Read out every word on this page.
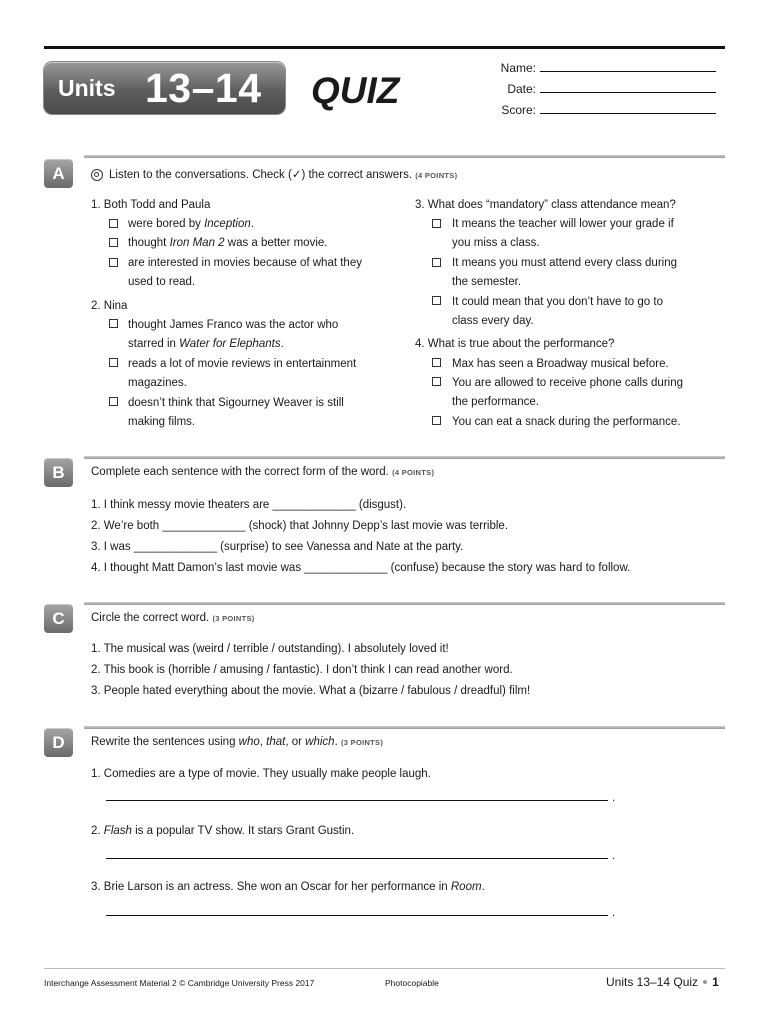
Units 13–14 QUIZ
Name:
Date:
Score:
A	Listen to the conversations. Check (✓) the correct answers. (4 POINTS)
1. Both Todd and Paula
were bored by Inception.
thought Iron Man 2 was a better movie.
are interested in movies because of what they
used to read.
2. Nina
thought James Franco was the actor who
starred in Water for Elephants.
reads a lot of movie reviews in entertainment
magazines.
doesn’t think that Sigourney Weaver is still
making films.
3. What does “mandatory” class attendance mean?
It means the teacher will lower your grade if
you miss a class.
It means you must attend every class during
the semester.
It could mean that you don’t have to go to
class every day.
4. What is true about the performance?
Max has seen a Broadway musical before.
You are allowed to receive phone calls during
the performance.
You can eat a snack during the performance.
B	Complete each sentence with the correct form of the word. (4 POINTS)
1. I think messy movie theaters are _____________ (disgust).
2. We’re both _____________ (shock) that Johnny Depp’s last movie was terrible.
3. I was _____________ (surprise) to see Vanessa and Nate at the party.
4. I thought Matt Damon’s last movie was _____________ (confuse) because the story was hard to follow.
C	Circle the correct word. (3 POINTS)
1. The musical was (weird / terrible / outstanding). I absolutely loved it!
2. This book is (horrible / amusing / fantastic). I don’t think I can read another word.
3. People hated everything about the movie. What a (bizarre / fabulous / dreadful) film!
D	Rewrite the sentences using who, that, or which. (3 POINTS)
1. Comedies are a type of movie. They usually make people laugh.
.
2. Flash is a popular TV show. It stars Grant Gustin.
.
3. Brie Larson is an actress. She won an Oscar for her performance in Room.
.
Interchange Assessment Material 2 © Cambridge University Press 2017	Photocopiable	Units 13–14 Quiz 1
